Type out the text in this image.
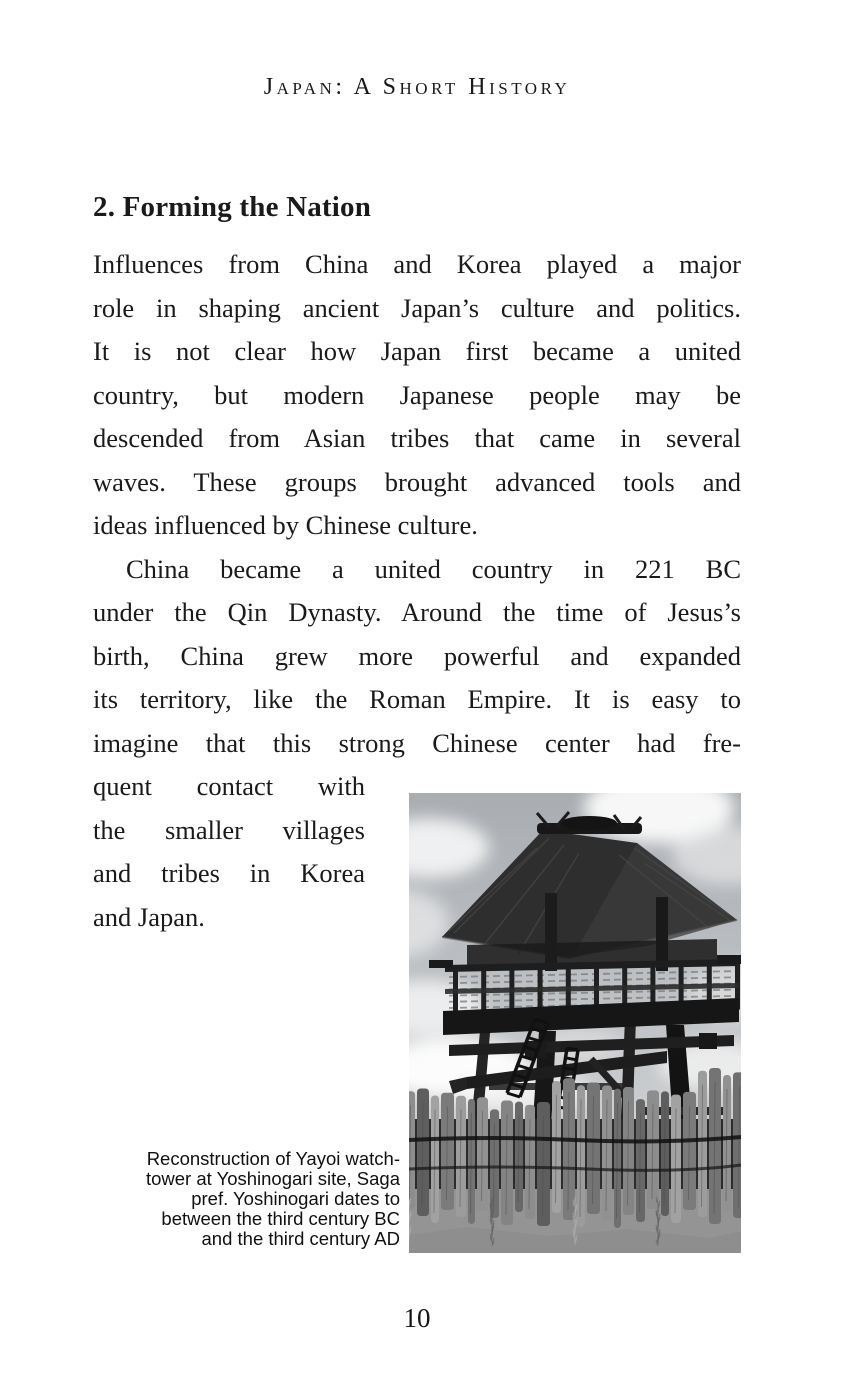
Japan: A Short History
2. Forming the Nation
Influences from China and Korea played a major
role in shaping ancient Japan’s culture and politics.
It is not clear how Japan first became a united
country, but modern Japanese people may be
descended from Asian tribes that came in several
waves. These groups brought advanced tools and
ideas influenced by Chinese culture.
China became a united country in 221 BC
under the Qin Dynasty. Around the time of Jesus’s
birth, China grew more powerful and expanded
its territory, like the Roman Empire. It is easy to
imagine that this strong Chinese center had fre-
quent contact with
the smaller villages
and tribes in Korea
and Japan.
Reconstruction of Yayoi watch-
tower at Yoshinogari site, Saga
pref. Yoshinogari dates to
between the third century BC
and the third century AD
10
